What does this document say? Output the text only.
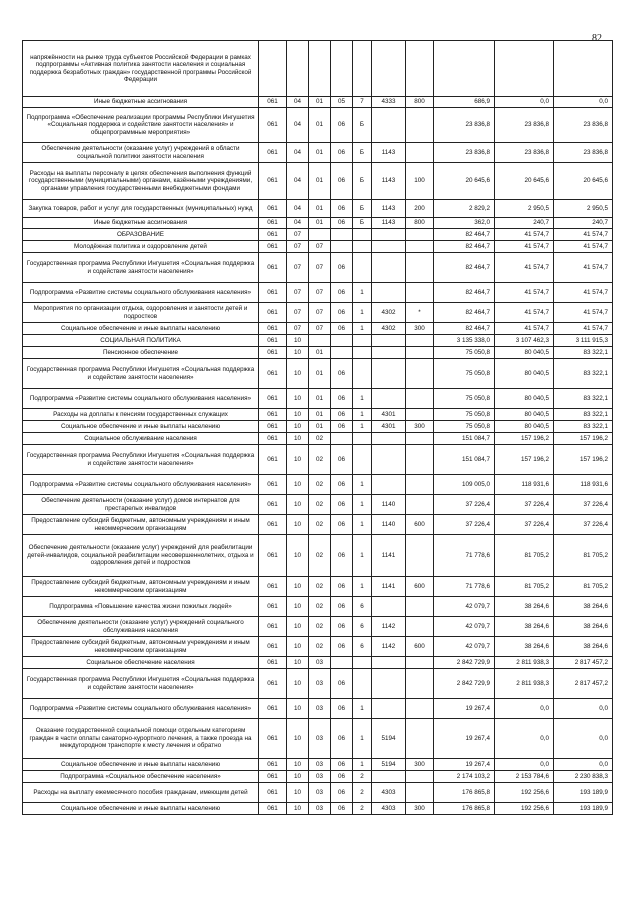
82
напряжённости на рынке труда субъектов Российской Федерации в рамках подпрограммы «Активная политика занятости населения и социальная поддержка безработных граждан» государственной программы Российской Федерации										
Иные бюджетные ассигнования	061	04	01	05	7	4333	800	686,9	0,0	0,0
Подпрограмма «Обеспечение реализации программы Республики Ингушетия «Социальная поддержка и содействие занятости населения» и общепрограммные мероприятия»	061	04	01	06	Б			23 836,8	23 836,8	23 836,8
Обеспечение деятельности (оказание услуг) учреждений в области социальной политики занятости населения	061	04	01	06	Б	1143		23 836,8	23 836,8	23 836,8
Расходы на выплаты персоналу в целях обеспечения выполнения функций государственными (муниципальными) органами, казёнными учреждениями, органами управления государственными внебюджетными фондами	061	04	01	06	Б	1143	100	20 645,6	20 645,6	20 645,6
Закупка товаров, работ и услуг для государственных (муниципальных) нужд	061	04	01	06	Б	1143	200	2 829,2	2 950,5	2 950,5
Иные бюджетные ассигнования	061	04	01	06	Б	1143	800	362,0	240,7	240,7
ОБРАЗОВАНИЕ	061	07						82 464,7	41 574,7	41 574,7
Молодёжная политика и оздоровление детей	061	07	07					82 464,7	41 574,7	41 574,7
Государственная программа Республики Ингушетия «Социальная поддержка и содействие занятости населения»	061	07	07	06				82 464,7	41 574,7	41 574,7
Подпрограмма «Развитие системы социального обслуживания населения»	061	07	07	06	1			82 464,7	41 574,7	41 574,7
Мероприятия по организации отдыха, оздоровления и занятости детей и подростков	061	07	07	06	1	4302	*	82 464,7	41 574,7	41 574,7
Социальное обеспечение и иные выплаты населению	061	07	07	06	1	4302	300	82 464,7	41 574,7	41 574,7
СОЦИАЛЬНАЯ ПОЛИТИКА	061	10						3 135 338,0	3 107 462,3	3 111 915,3
Пенсионное обеспечение	061	10	01					75 050,8	80 040,5	83 322,1
Государственная программа Республики Ингушетия «Социальная поддержка и содействие занятости населения»	061	10	01	06				75 050,8	80 040,5	83 322,1
Подпрограмма «Развитие системы социального обслуживания населения»	061	10	01	06	1			75 050,8	80 040,5	83 322,1
Расходы на доплаты к пенсиям государственных служащих	061	10	01	06	1	4301		75 050,8	80 040,5	83 322,1
Социальное обеспечение и иные выплаты населению	061	10	01	06	1	4301	300	75 050,8	80 040,5	83 322,1
Социальное обслуживание населения	061	10	02					151 084,7	157 196,2	157 196,2
Государственная программа Республики Ингушетия «Социальная поддержка и содействие занятости населения»	061	10	02	06				151 084,7	157 196,2	157 196,2
Подпрограмма «Развитие системы социального обслуживания населения»	061	10	02	06	1			109 005,0	118 931,6	118 931,6
Обеспечение деятельности (оказание услуг) домов интернатов для престарелых инвалидов	061	10	02	06	1	1140		37 226,4	37 226,4	37 226,4
Предоставление субсидий бюджетным, автономным учреждениям и иным некоммерческим организациям	061	10	02	06	1	1140	600	37 226,4	37 226,4	37 226,4
Обеспечение деятельности (оказание услуг) учреждений для реабилитации детей-инвалидов, социальной реабилитации несовершеннолетних, отдыха и оздоровления детей и подростков	061	10	02	06	1	1141		71 778,6	81 705,2	81 705,2
Предоставление субсидий бюджетным, автономным учреждениям и иным некоммерческим организациям	061	10	02	06	1	1141	600	71 778,6	81 705,2	81 705,2
Подпрограмма «Повышение качества жизни пожилых людей»	061	10	02	06	6			42 079,7	38 264,6	38 264,6
Обеспечение деятельности (оказание услуг) учреждений социального обслуживания населения	061	10	02	06	6	1142		42 079,7	38 264,6	38 264,6
Предоставление субсидий бюджетным, автономным учреждениям и иным некоммерческим организациям	061	10	02	06	6	1142	600	42 079,7	38 264,6	38 264,6
Социальное обеспечение населения	061	10	03					2 842 729,9	2 811 938,3	2 817 457,2
Государственная программа Республики Ингушетия «Социальная поддержка и содействие занятости населения»	061	10	03	06				2 842 729,9	2 811 938,3	2 817 457,2
Подпрограмма «Развитие системы социального обслуживания населения»	061	10	03	06	1			19 267,4	0,0	0,0
Оказание государственной социальной помощи отдельным категориям граждан в части оплаты санаторно-курортного лечения, а также проезда на междугородном транспорте к месту лечения и обратно	061	10	03	06	1	5194		19 267,4	0,0	0,0
Социальное обеспечение и иные выплаты населению	061	10	03	06	1	5194	300	19 267,4	0,0	0,0
Подпрограмма «Социальное обеспечение населения»	061	10	03	06	2			2 174 103,2	2 153 784,6	2 230 838,3
Расходы на выплату ежемесячного пособия гражданам, имеющим детей	061	10	03	06	2	4303		176 865,8	192 256,6	193 189,9
Социальное обеспечение и иные выплаты населению	061	10	03	06	2	4303	300	176 865,8	192 256,6	193 189,9
